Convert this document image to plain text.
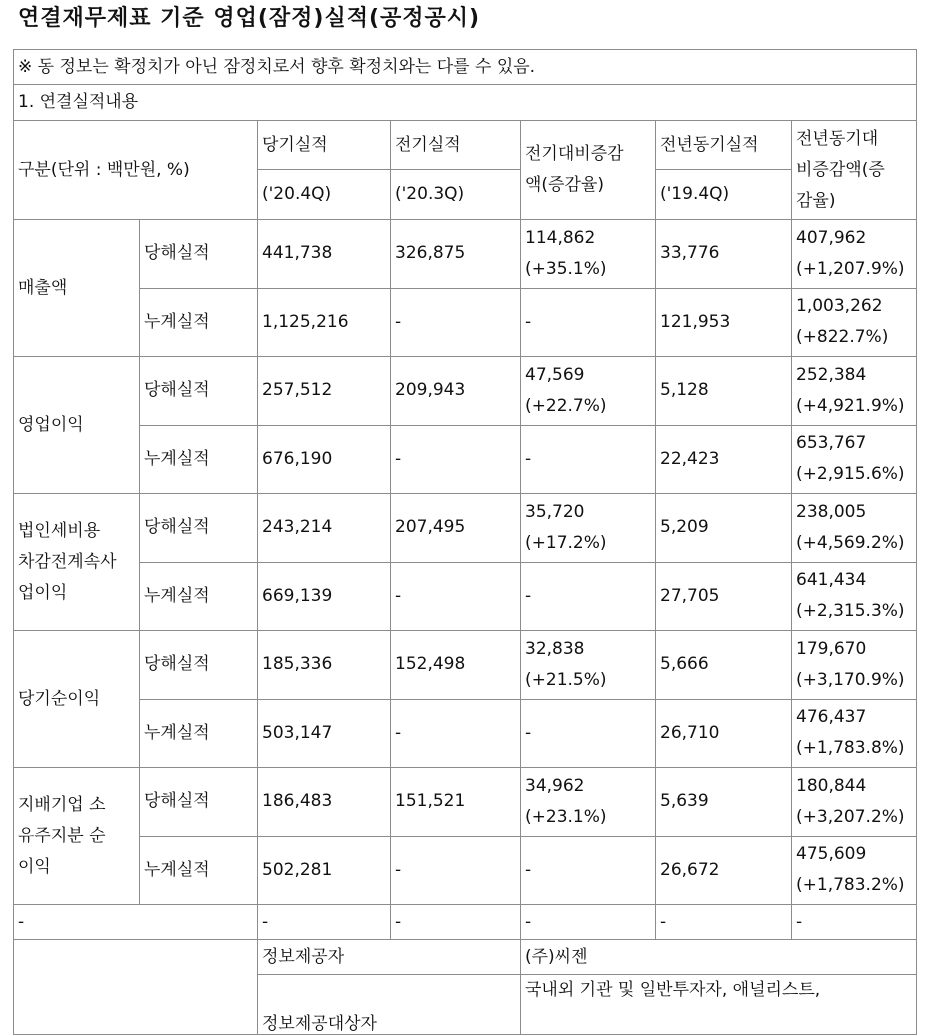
연결재무제표 기준 영업(잠정)실적(공정공시)
※ 동 정보는 확정치가 아닌 잠정치로서 향후 확정치와는 다를 수 있음.						
1. 연결실적내용						
구분(단위 : 백만원, %)		당기실적	전기실적	전기대비증감
액(증감율)	전년동기실적	전년동기대
비증감액(증
감율)

		('20.4Q)	('20.3Q)		('19.4Q)	

매출액	당해실적	441,738	326,875	114,862
(+35.1%)	33,776	407,962
(+1,207.9%)

	누계실적	1,125,216	-	-	121,953	1,003,262
(+822.7%)

영업이익	당해실적	257,512	209,943	47,569
(+22.7%)	5,128	252,384
(+4,921.9%)

	누계실적	676,190	-	-	22,423	653,767
(+2,915.6%)

법인세비용
차감전계속사
업이익	당해실적	243,214	207,495	35,720
(+17.2%)	5,209	238,005
(+4,569.2%)

	누계실적	669,139	-	-	27,705	641,434
(+2,315.3%)

당기순이익	당해실적	185,336	152,498	32,838
(+21.5%)	5,666	179,670
(+3,170.9%)

	누계실적	503,147	-	-	26,710	476,437
(+1,783.8%)

지배기업 소
유주지분 순
이익	당해실적	186,483	151,521	34,962
(+23.1%)	5,639	180,844
(+3,207.2%)

	누계실적	502,281	-	-	26,672	475,609
(+1,783.2%)

-		-	-	-	-	-
		정보제공자		(주)씨젠		
		정보제공대상자		국내외 기관 및 일반투자자, 애널리스트,		
